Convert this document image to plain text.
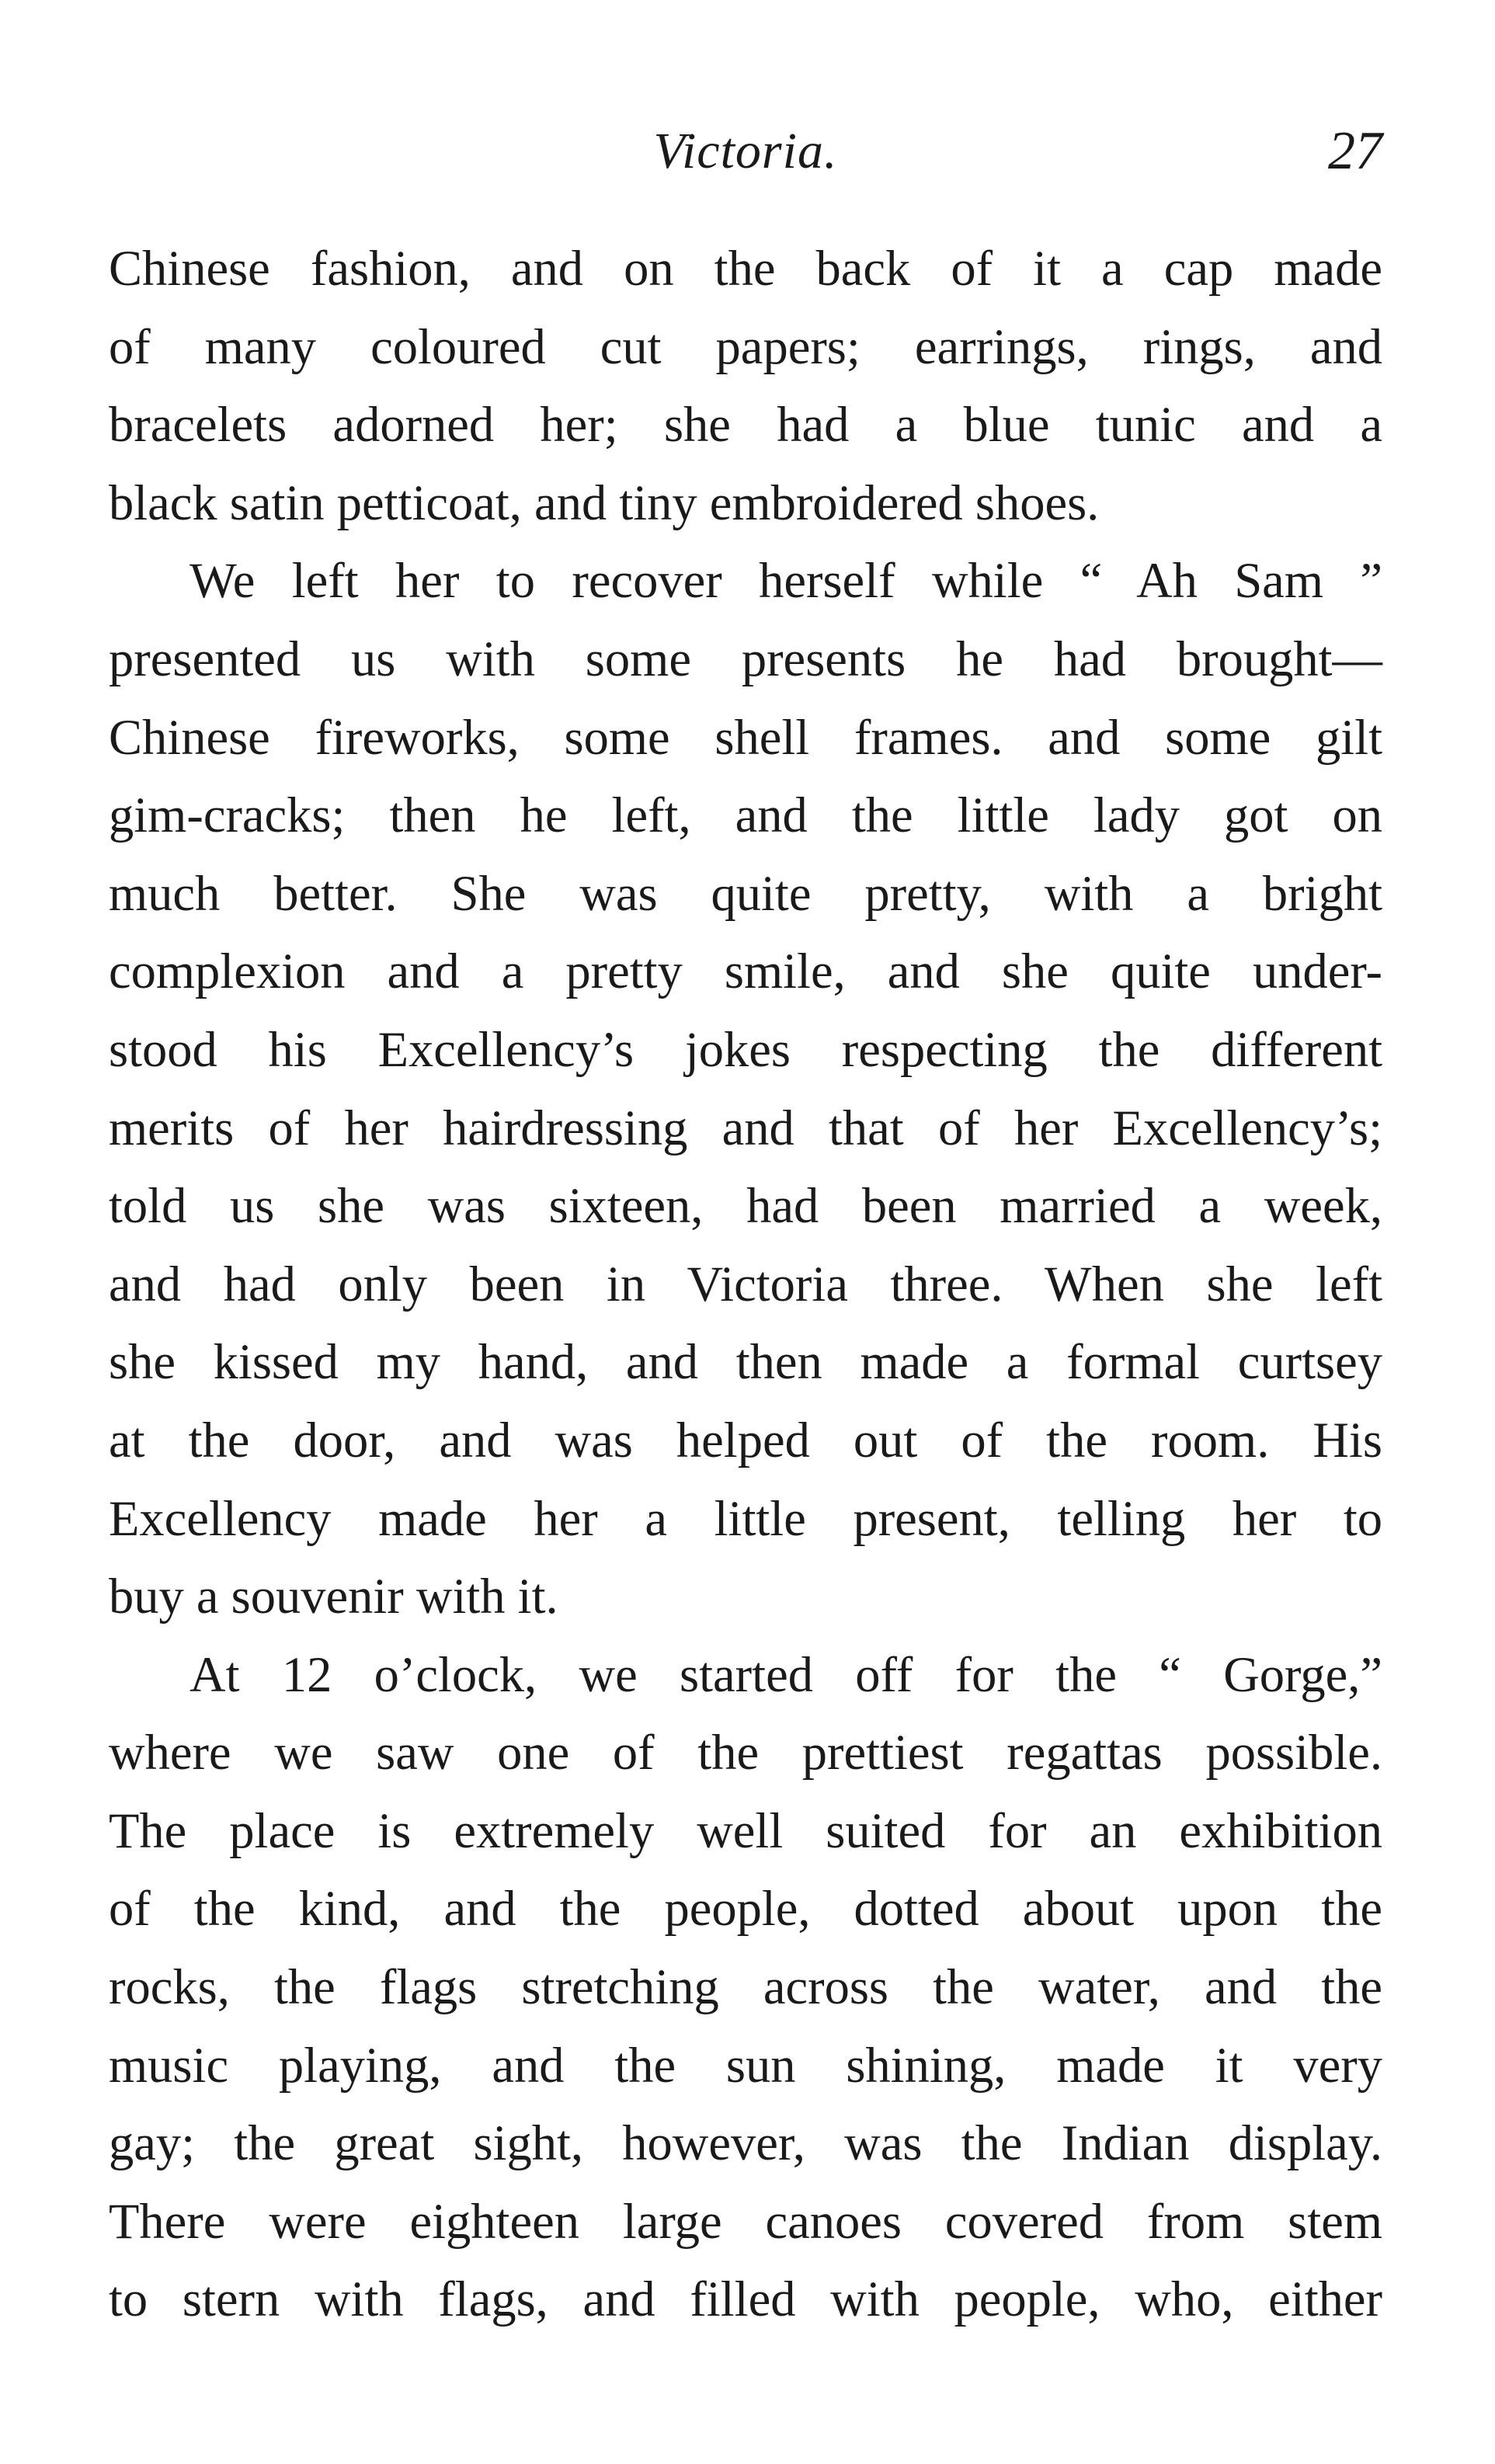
Victoria.	27
Chinese fashion, and on the back of it a cap made
of many coloured cut papers; earrings, rings, and
bracelets adorned her; she had a blue tunic and a
black satin petticoat, and tiny embroidered shoes.
We left her to recover herself while “ Ah Sam ”
presented us with some presents he had brought—
Chinese fireworks, some shell frames. and some gilt
gim-cracks; then he left, and the little lady got on
much better. She was quite pretty, with a bright
complexion and a pretty smile, and she quite under-
stood his Excellency’s jokes respecting the different
merits of her hairdressing and that of her Excellency’s;
told us she was sixteen, had been married a week,
and had only been in Victoria three. When she left
she kissed my hand, and then made a formal curtsey
at the door, and was helped out of the room. His
Excellency made her a little present, telling her to
buy a souvenir with it.
At 12 o’clock, we started off for the “ Gorge,”
where we saw one of the prettiest regattas possible.
The place is extremely well suited for an exhibition
of the kind, and the people, dotted about upon the
rocks, the flags stretching across the water, and the
music playing, and the sun shining, made it very
gay; the great sight, however, was the Indian display.
There were eighteen large canoes covered from stem
to stern with flags, and filled with people, who, either
